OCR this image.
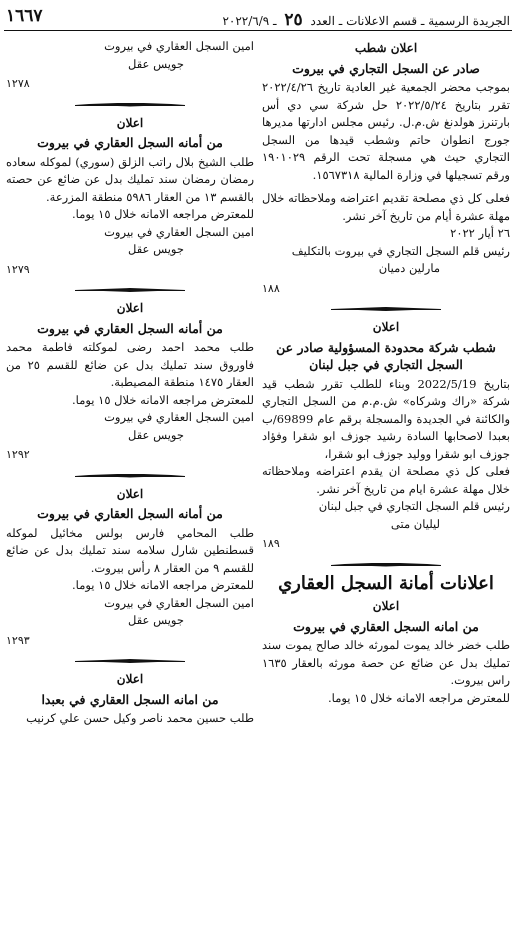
الجريدة الرسمية ـ قسم الاعلانات ـ العدد ٢٥ ـ ٢٠٢٢/٦/٩
١٦٦٧

اعلان شطب

صادر عن السجل التجاري في بيروت

بموجب محضر الجمعية غير العادية تاريخ ٢٠٢٢/٤/٢٦ تقرر بتاريخ ٢٠٢٢/٥/٢٤ حل شركة سي دي أس بارتنرز هولدنغ ش.م.ل. رئيس مجلس ادارتها مديرها جورج انطوان حاتم وشطب قيدها من السجل التجاري حيث هي مسجلة تحت الرقم ١٩٠١٠٢٩ ورقم تسجيلها في وزارة المالية ١٥٦٧٣١٨.

فعلى كل ذي مصلحة تقديم اعتراضه وملاحظاته خلال مهلة عشرة أيام من تاريخ آخر نشر.

٢٦ أيار ٢٠٢٢

رئيس قلم السجل التجاري في بيروت بالتكليف

مارلين دميان

١٨٨

اعلان

شطب شركة محدودة المسؤولية صادر عن السجل التجاري في جبل لبنان

بتاريخ 2022/5/19 وبناء للطلب تقرر شطب قيد شركة «راك وشركاه» ش.م.م من السجل التجاري والكائنة في الجديدة والمسجلة برقم عام 69899/ب بعبدا لاصحابها السادة رشيد جوزف ابو شقرا وفؤاد جوزف ابو شقرا ووليد جوزف ابو شقرا،

فعلى كل ذي مصلحة ان يقدم اعتراضه وملاحظاته خلال مهلة عشرة ايام من تاريخ آخر نشر.

رئيس قلم السجل التجاري في جبل لبنان

ليليان متى

١٨٩

اعلانات أمانة السجل العقاري

اعلان

من امانه السجل العقاري في بيروت

طلب خضر خالد يموت لمورثه خالد صالح يموت سند تمليك بدل عن ضائع عن حصة مورثه بالعقار ١٦٣٥ راس بيروت.

للمعترض مراجعه الامانه خلال ١٥ يوما.

امين السجل العقاري في بيروت

جويس عقل

١٢٧٨

اعلان

من أمانه السجل العقاري في بيروت

طلب الشيخ بلال راتب الزلق (سوري) لموكله سعاده رمضان رمضان سند تمليك بدل عن ضائع عن حصته بالقسم ١٣ من العقار ٥٩٨٦ منطقة المزرعة.

للمعترض مراجعه الامانه خلال ١٥ يوما.

امين السجل العقاري في بيروت

جويس عقل

١٢٧٩

اعلان

من أمانه السجل العقاري في بيروت

طلب محمد احمد رضى لموكلته فاطمة محمد فاوروق سند تمليك بدل عن ضائع للقسم ٢٥ من العقار ١٤٧٥ منطقة المصيطبة.

للمعترض مراجعه الامانه خلال ١٥ يوما.

امين السجل العقاري في بيروت

جويس عقل

١٢٩٢

اعلان

من أمانه السجل العقاري في بيروت

طلب المحامي فارس بولس مخائيل لموكله قسطنطين شارل سلامه سند تمليك بدل عن ضائع للقسم ٩ من العقار ٨ رأس بيروت.

للمعترض مراجعه الامانه خلال ١٥ يوما.

امين السجل العقاري في بيروت

جويس عقل

١٢٩٣

اعلان

من امانه السجل العقاري في بعبدا

طلب حسين محمد ناصر وكيل حسن علي كرنيب
